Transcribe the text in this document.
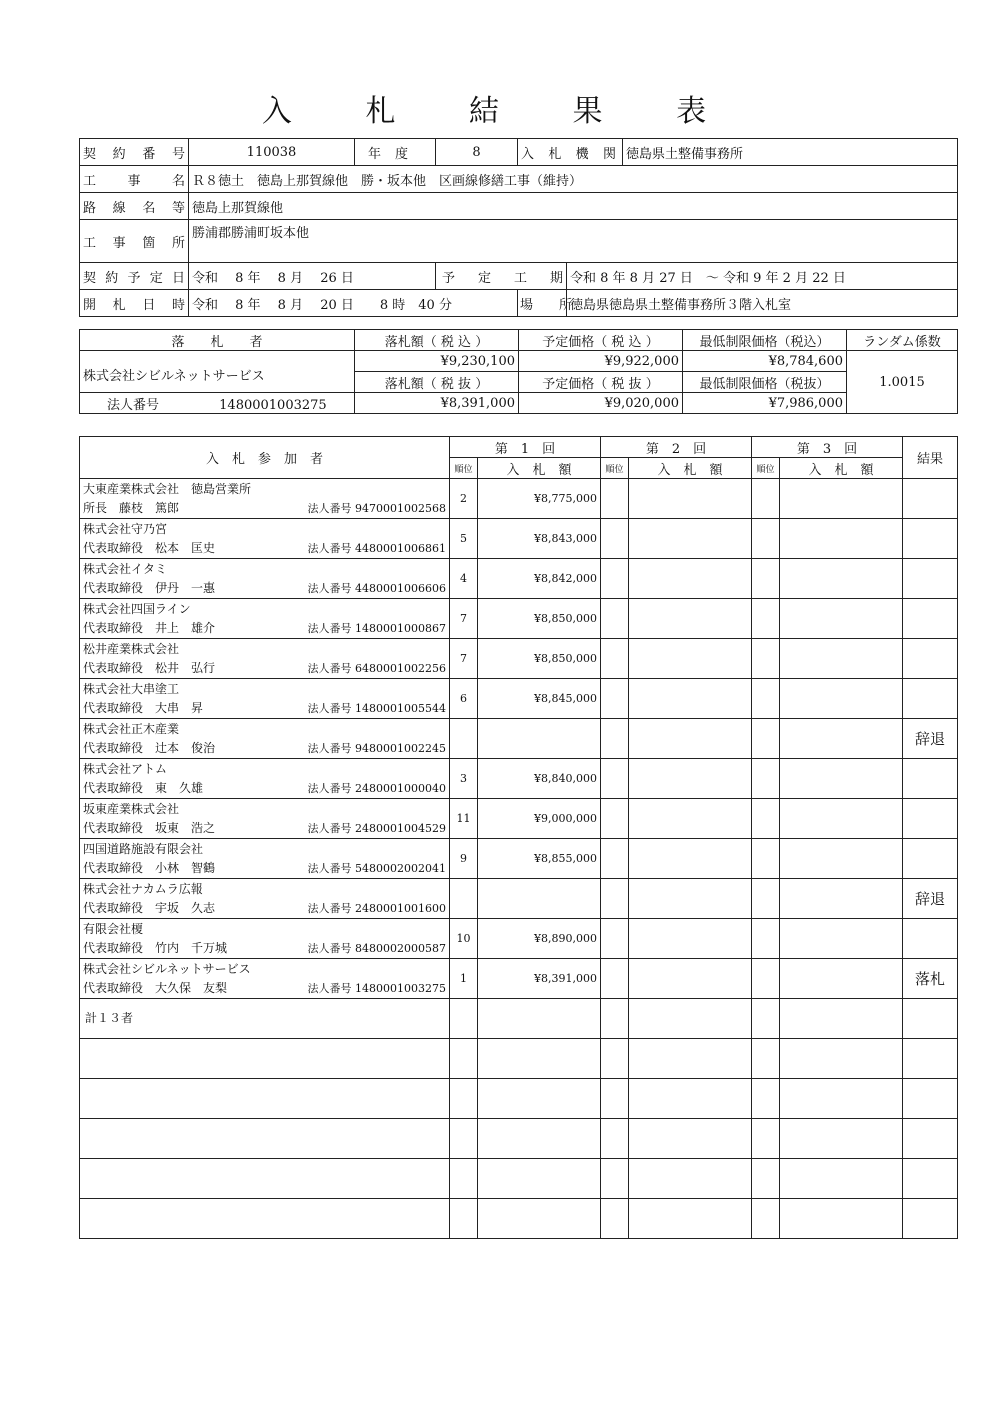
入 札 結 果 表
契約番号	110038	年度	8	入札機関		徳島県土整備事務所
工事名	Ｒ８徳土　徳島上那賀線他　勝・坂本他　区画線修繕工事（維持）					
路線名等	徳島上那賀線他					
工事箇所	勝浦郡勝浦町坂本他					
契約予定日	令和　 8 年　 8 月　 26 日		予定工期		令和 8 年 8 月 27 日　～ 令和 9 年 2 月 22 日	
開札日時	令和　 8 年　 8 月　 20 日　　8 時　40 分			場　　所	徳島県徳島県土整備事務所３階入札室	
落　　札　　者	落札額（ 税 込 ）	予定価格（ 税 込 ）	最低制限価格（税込）	ランダム係数
株式会社シビルネットサービス	¥9,230,100	¥9,922,000	¥8,784,600	1.0015
	落札額（ 税 抜 ）	予定価格（ 税 抜 ）	最低制限価格（税抜）	
法人番号 1480001003275	¥8,391,000	¥9,020,000	¥7,986,000	
入　札　参　加　者	第　1　回		第　2　回		第　3　回		結果
	順位	入　札　額	順位	入　札　額	順位	入　札　額	

大東産業株式会社　徳島営業所
所長　藤枝　篤郎 法人番号 9470001002568	2	¥8,775,000					

株式会社守乃宮
代表取締役　松本　匡史 法人番号 4480001006861	5	¥8,843,000					

株式会社イタミ
代表取締役　伊丹　一惠 法人番号 4480001006606	4	¥8,842,000					

株式会社四国ライン
代表取締役　井上　雄介 法人番号 1480001000867	7	¥8,850,000					

松井産業株式会社
代表取締役　松井　弘行 法人番号 6480001002256	7	¥8,850,000					

株式会社大串塗工
代表取締役　大串　昇 法人番号 1480001005544	6	¥8,845,000					

株式会社正木産業
代表取締役　辻本　俊治 法人番号 9480001002245							辞退

株式会社アトム
代表取締役　東　久雄 法人番号 2480001000040	3	¥8,840,000					

坂東産業株式会社
代表取締役　坂東　浩之 法人番号 2480001004529	11	¥9,000,000					

四国道路施設有限会社
代表取締役　小林　智鶴 法人番号 5480002002041	9	¥8,855,000					

株式会社ナカムラ広報
代表取締役　宇坂　久志 法人番号 2480001001600							辞退

有限会社榎
代表取締役　竹内　千万城 法人番号 8480002000587	10	¥8,890,000					

株式会社シビルネットサービス
代表取締役　大久保　友梨 法人番号 1480001003275	1	¥8,391,000					落札
計１３者							
